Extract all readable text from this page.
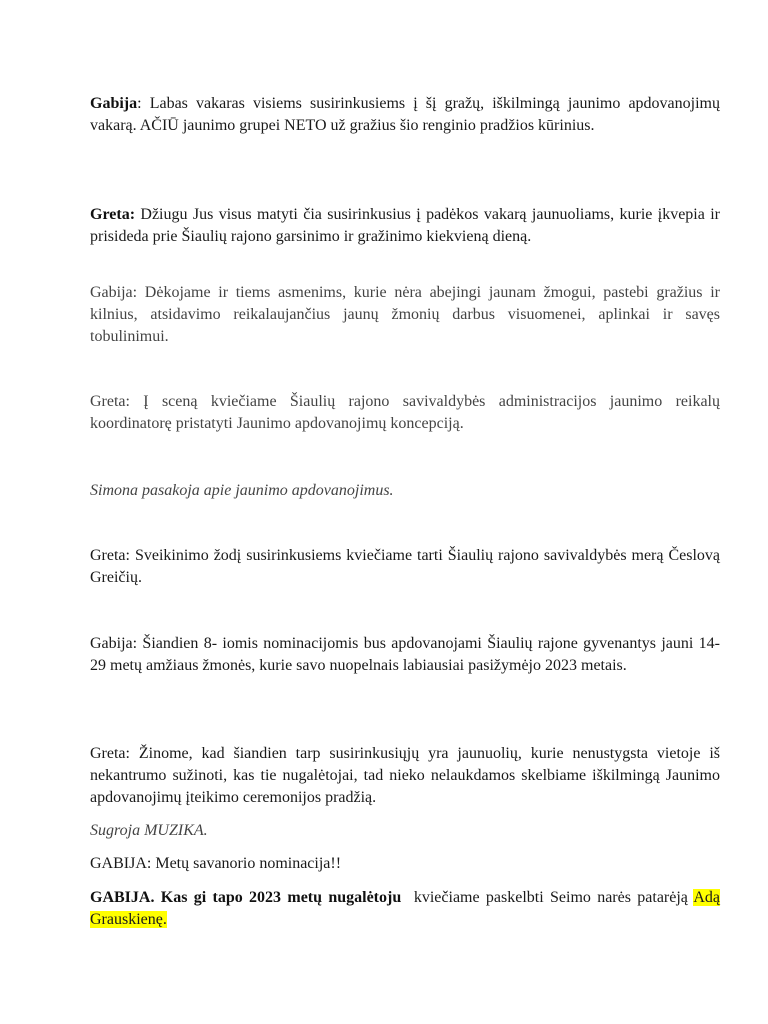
Gabija: Labas vakaras visiems susirinkusiems į šį gražų, iškilmingą jaunimo apdovanojimų vakarą. AČIŪ jaunimo grupei NETO už gražius šio renginio pradžios kūrinius.

Greta: Džiugu Jus visus matyti čia susirinkusius į padėkos vakarą jaunuoliams, kurie įkvepia ir prisideda prie Šiaulių rajono garsinimo ir gražinimo kiekvieną dieną.

Gabija: Dėkojame ir tiems asmenims, kurie nėra abejingi jaunam žmogui, pastebi gražius ir kilnius, atsidavimo reikalaujančius jaunų žmonių darbus visuomenei, aplinkai ir savęs tobulinimui.

Greta: Į sceną kviečiame Šiaulių rajono savivaldybės administracijos jaunimo reikalų koordinatorę pristatyti Jaunimo apdovanojimų koncepciją.

Simona pasakoja apie jaunimo apdovanojimus.

Greta: Sveikinimo žodį susirinkusiems kviečiame tarti Šiaulių rajono savivaldybės merą Česlovą Greičių.

Gabija: Šiandien 8- iomis nominacijomis bus apdovanojami Šiaulių rajone gyvenantys jauni 14-29 metų amžiaus žmonės, kurie savo nuopelnais labiausiai pasižymėjo 2023 metais.

Greta: Žinome, kad šiandien tarp susirinkusiųjų yra jaunuolių, kurie nenustygsta vietoje iš nekantrumo sužinoti, kas tie nugalėtojai, tad nieko nelaukdamos skelbiame iškilmingą Jaunimo apdovanojimų įteikimo ceremonijos pradžią.

Sugroja MUZIKA.

GABIJA: Metų savanorio nominacija!!

GABIJA. Kas gi tapo 2023 metų nugalėtoju  kviečiame paskelbti Seimo narės patarėją Adą Grauskienę.
